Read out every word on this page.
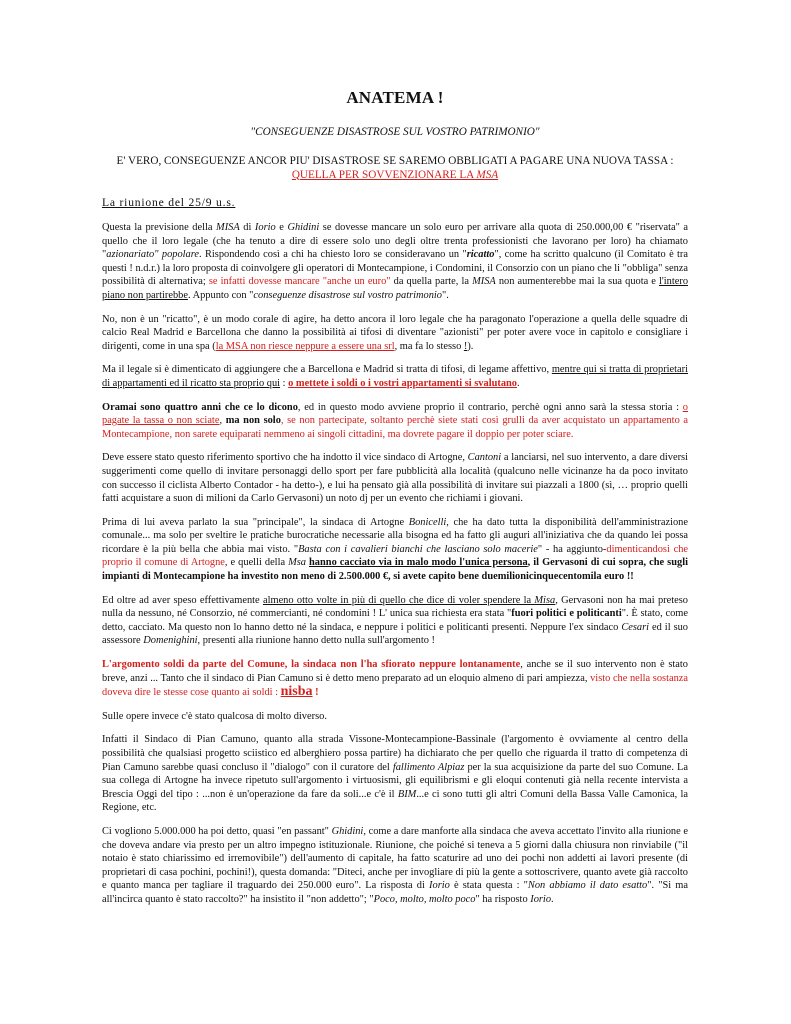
ANATEMA !
"CONSEGUENZE DISASTROSE SUL VOSTRO PATRIMONIO"
E' VERO, CONSEGUENZE ANCOR PIU' DISASTROSE SE SAREMO OBBLIGATI A PAGARE UNA NUOVA TASSA : QUELLA PER SOVVENZIONARE LA MSA
La riunione del 25/9 u.s.

Questa la previsione della MISA di Iorio e Ghidini se dovesse mancare un solo euro per arrivare alla quota di 250.000,00 € "riservata" a quello che il loro legale (che ha tenuto a dire di essere solo uno degli oltre trenta professionisti che lavorano per loro) ha chiamato "azionariato" popolare. Rispondendo così a chi ha chiesto loro se consideravano un "ricatto", come ha scritto qualcuno (il Comitato è tra questi ! n.d.r.) la loro proposta di coinvolgere gli operatori di Montecampione, i Condomini, il Consorzio con un piano che li "obbliga" senza possibilità di alternativa; se infatti dovesse mancare "anche un euro" da quella parte, la MISA non aumenterebbe mai la sua quota e l'intero piano non partirebbe. Appunto con "conseguenze disastrose sul vostro patrimonio".

No, non è un "ricatto", è un modo corale di agire, ha detto ancora il loro legale che ha paragonato l'operazione a quella delle squadre di calcio Real Madrid e Barcellona che danno la possibilità ai tifosi di diventare "azionisti" per poter avere voce in capitolo e consigliare i dirigenti, come in una spa (la MSA non riesce neppure a essere una srl, ma fa lo stesso !).

Ma il legale si è dimenticato di aggiungere che a Barcellona e Madrid si tratta di tifosi, di legame affettivo, mentre qui si tratta di proprietari di appartamenti ed il ricatto sta proprio qui : o mettete i soldi o i vostri appartamenti si svalutano.

Oramai sono quattro anni che ce lo dicono, ed in questo modo avviene proprio il contrario, perchè ogni anno sarà la stessa storia : o pagate la tassa o non sciate, ma non solo, se non partecipate, soltanto perchè siete stati così grulli da aver acquistato un appartamento a Montecampione, non sarete equiparati nemmeno ai singoli cittadini, ma dovrete pagare il doppio per poter sciare.

Deve essere stato questo riferimento sportivo che ha indotto il vice sindaco di Artogne, Cantoni a lanciarsi, nel suo intervento, a dare diversi suggerimenti come quello di invitare personaggi dello sport per fare pubblicità alla località (qualcuno nelle vicinanze ha da poco invitato con successo il ciclista Alberto Contador - ha detto-), e lui ha pensato già alla possibilità di invitare sui piazzali a 1800 (sì, … proprio quelli fatti acquistare a suon di milioni da Carlo Gervasoni) un noto dj per un evento che richiami i giovani.

Prima di lui aveva parlato la sua "principale", la sindaca di Artogne Bonicelli, che ha dato tutta la disponibilità dell'amministrazione comunale... ma solo per sveltire le pratiche burocratiche necessarie alla bisogna ed ha fatto gli auguri all'iniziativa che da quando lei possa ricordare è la più bella che abbia mai visto. "Basta con i cavalieri bianchi che lasciano solo macerie" - ha aggiunto-dimenticandosi che proprio il comune di Artogne, e quelli della Msa hanno cacciato via in malo modo l'unica persona, il Gervasoni di cui sopra, che sugli impianti di Montecampione ha investito non meno di 2.500.000 €, si avete capito bene duemilionicinquecentomila euro !!

Ed oltre ad aver speso effettivamente almeno otto volte in più di quello che dice di voler spendere la Misa, Gervasoni non ha mai preteso nulla da nessuno, né Consorzio, né commercianti, né condomini ! L' unica sua richiesta era stata "fuori politici e politicanti". È stato, come detto, cacciato. Ma questo non lo hanno detto né la sindaca, e neppure i politici e politicanti presenti. Neppure l'ex sindaco Cesari ed il suo assessore Domenighini, presenti alla riunione hanno detto nulla sull'argomento !

L'argomento soldi da parte del Comune, la sindaca non l'ha sfiorato neppure lontanamente, anche se il suo intervento non è stato breve, anzi ... Tanto che il sindaco di Pian Camuno si è detto meno preparato ad un eloquio almeno di pari ampiezza, visto che nella sostanza doveva dire le stesse cose quanto ai soldi : nisba !

Sulle opere invece c'è stato qualcosa di molto diverso.

Infatti il Sindaco di Pian Camuno, quanto alla strada Vissone-Montecampione-Bassinale (l'argomento è ovviamente al centro della possibilità che qualsiasi progetto sciistico ed alberghiero possa partire) ha dichiarato che per quello che riguarda il tratto di competenza di Pian Camuno sarebbe quasi concluso il "dialogo" con il curatore del fallimento Alpiaz per la sua acquisizione da parte del suo Comune. La sua collega di Artogne ha invece ripetuto sull'argomento i virtuosismi, gli equilibrismi e gli eloqui contenuti già nella recente intervista a Brescia Oggi del tipo : ...non è un'operazione da fare da soli...e c'è il BIM...e ci sono tutti gli altri Comuni della Bassa Valle Camonica, la Regione, etc.

Ci vogliono 5.000.000 ha poi detto, quasi "en passant" Ghidini, come a dare manforte alla sindaca che aveva accettato l'invito alla riunione e che doveva andare via presto per un altro impegno istituzionale. Riunione, che poiché si teneva a 5 giorni dalla chiusura non rinviabile ("il notaio è stato chiarissimo ed irremovibile") dell'aumento di capitale, ha fatto scaturire ad uno dei pochi non addetti ai lavori presente (di proprietari di casa pochini, pochini!), questa domanda: "Diteci, anche per invogliare di più la gente a sottoscrivere, quanto avete già raccolto e quanto manca per tagliare il traguardo dei 250.000 euro". La risposta di Iorio è stata questa : "Non abbiamo il dato esatto". "Si ma all'incirca quanto è stato raccolto?" ha insistito il "non addetto"; "Poco, molto, molto poco" ha risposto Iorio.
